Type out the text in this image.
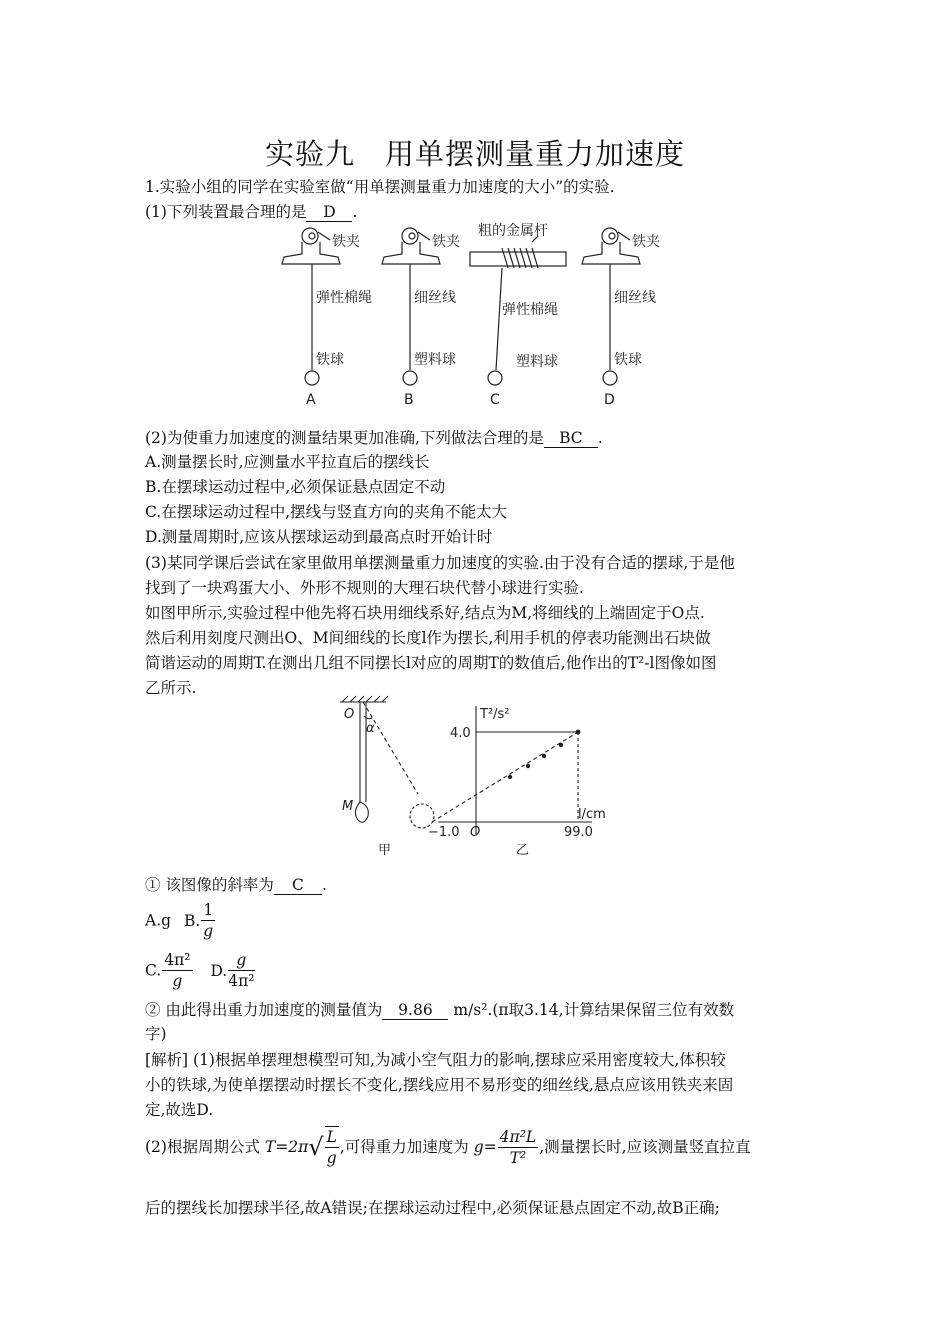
实验九　用单摆测量重力加速度
1.实验小组的同学在实验室做“用单摆测量重力加速度的大小”的实验.
(1)下列装置最合理的是 D .
铁夹	铁夹	铁夹
粗的金属杆
弹性棉绳	细丝线
弹性棉绳
细丝线
铁球	塑料球	塑料球	铁球
A	B	C	D
(2)为使重力加速度的测量结果更加准确,下列做法合理的是 BC .
A.测量摆长时,应测量水平拉直后的摆线长
B.在摆球运动过程中,必须保证悬点固定不动
C.在摆球运动过程中,摆线与竖直方向的夹角不能太大
D.测量周期时,应该从摆球运动到最高点时开始计时
(3)某同学课后尝试在家里做用单摆测量重力加速度的实验.由于没有合适的摆球,于是他
找到了一块鸡蛋大小、外形不规则的大理石块代替小球进行实验.
如图甲所示,实验过程中他先将石块用细线系好,结点为M,将细线的上端固定于O点.
然后利用刻度尺测出O、M间细线的长度l作为摆长,利用手机的停表功能测出石块做
简谐运动的周期T.在测出几组不同摆长l对应的周期T的数值后,他作出的T²-l图像如图
乙所示.
O
α
M
T²/s²
l/cm
4.0
−1.0 O	99.0
甲	乙
① 该图像的斜率为 C .
A.g B. $\frac{1}{g}$
C. $\frac{\text{4π²}}{g} D$. $\frac{g}{\text{4π²}}$
② 由此得出重力加速度的测量值为 9.86 m/s².(π取3.14,计算结果保留三位有效数
字)
[解析] (1)根据单摆理想模型可知,为减小空气阻力的影响,摆球应采用密度较大,体积较
小的铁球,为使单摆摆动时摆长不变化,摆线应用不易形变的细丝线,悬点应该用铁夹来固
定,故选D.
(2)根据周期公式 $T=2\pi√ \frac{L}{g}$ ,可得重力加速度为 $g= \frac{\text{4π²L}}{\text{T²}}$ ,测量摆长时,应该测量竖直拉直
后的摆线长加摆球半径,故A错误;在摆球运动过程中,必须保证悬点固定不动,故B正确;
